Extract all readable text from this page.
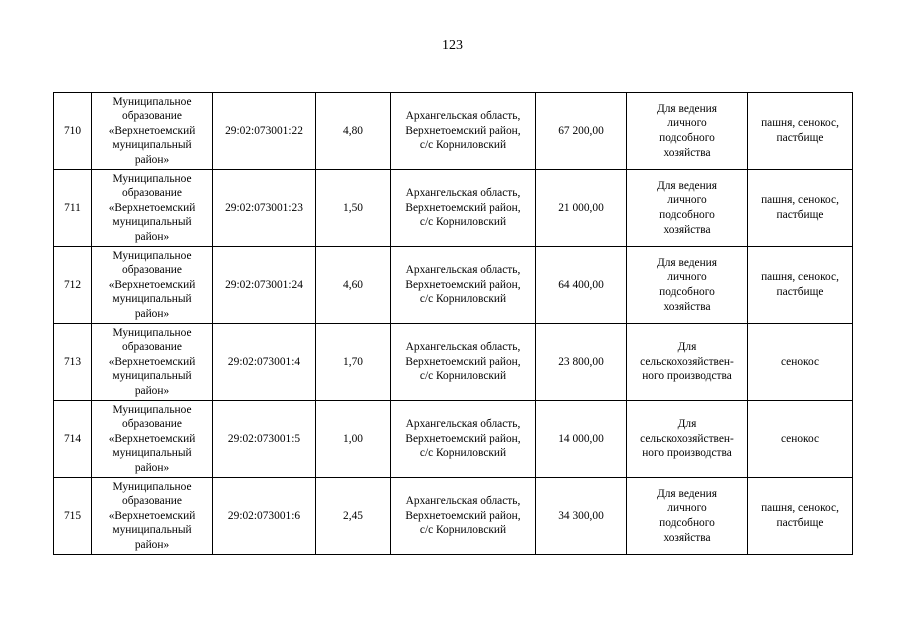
123
710	Муниципальное
образование
«Верхнетоемский
муниципальный
район»	29:02:073001:22	4,80	Архангельская область,
Верхнетоемский район,
с/с Корниловский	67 200,00	Для ведения
личного
подсобного
хозяйства	пашня, сенокос,
пастбище
711	Муниципальное
образование
«Верхнетоемский
муниципальный
район»	29:02:073001:23	1,50	Архангельская область,
Верхнетоемский район,
с/с Корниловский	21 000,00	Для ведения
личного
подсобного
хозяйства	пашня, сенокос,
пастбище
712	Муниципальное
образование
«Верхнетоемский
муниципальный
район»	29:02:073001:24	4,60	Архангельская область,
Верхнетоемский район,
с/с Корниловский	64 400,00	Для ведения
личного
подсобного
хозяйства	пашня, сенокос,
пастбище
713	Муниципальное
образование
«Верхнетоемский
муниципальный
район»	29:02:073001:4	1,70	Архангельская область,
Верхнетоемский район,
с/с Корниловский	23 800,00	Для
сельскохозяйствен-
ного производства	сенокос
714	Муниципальное
образование
«Верхнетоемский
муниципальный
район»	29:02:073001:5	1,00	Архангельская область,
Верхнетоемский район,
с/с Корниловский	14 000,00	Для
сельскохозяйствен-
ного производства	сенокос
715	Муниципальное
образование
«Верхнетоемский
муниципальный
район»	29:02:073001:6	2,45	Архангельская область,
Верхнетоемский район,
с/с Корниловский	34 300,00	Для ведения
личного
подсобного
хозяйства	пашня, сенокос,
пастбище
